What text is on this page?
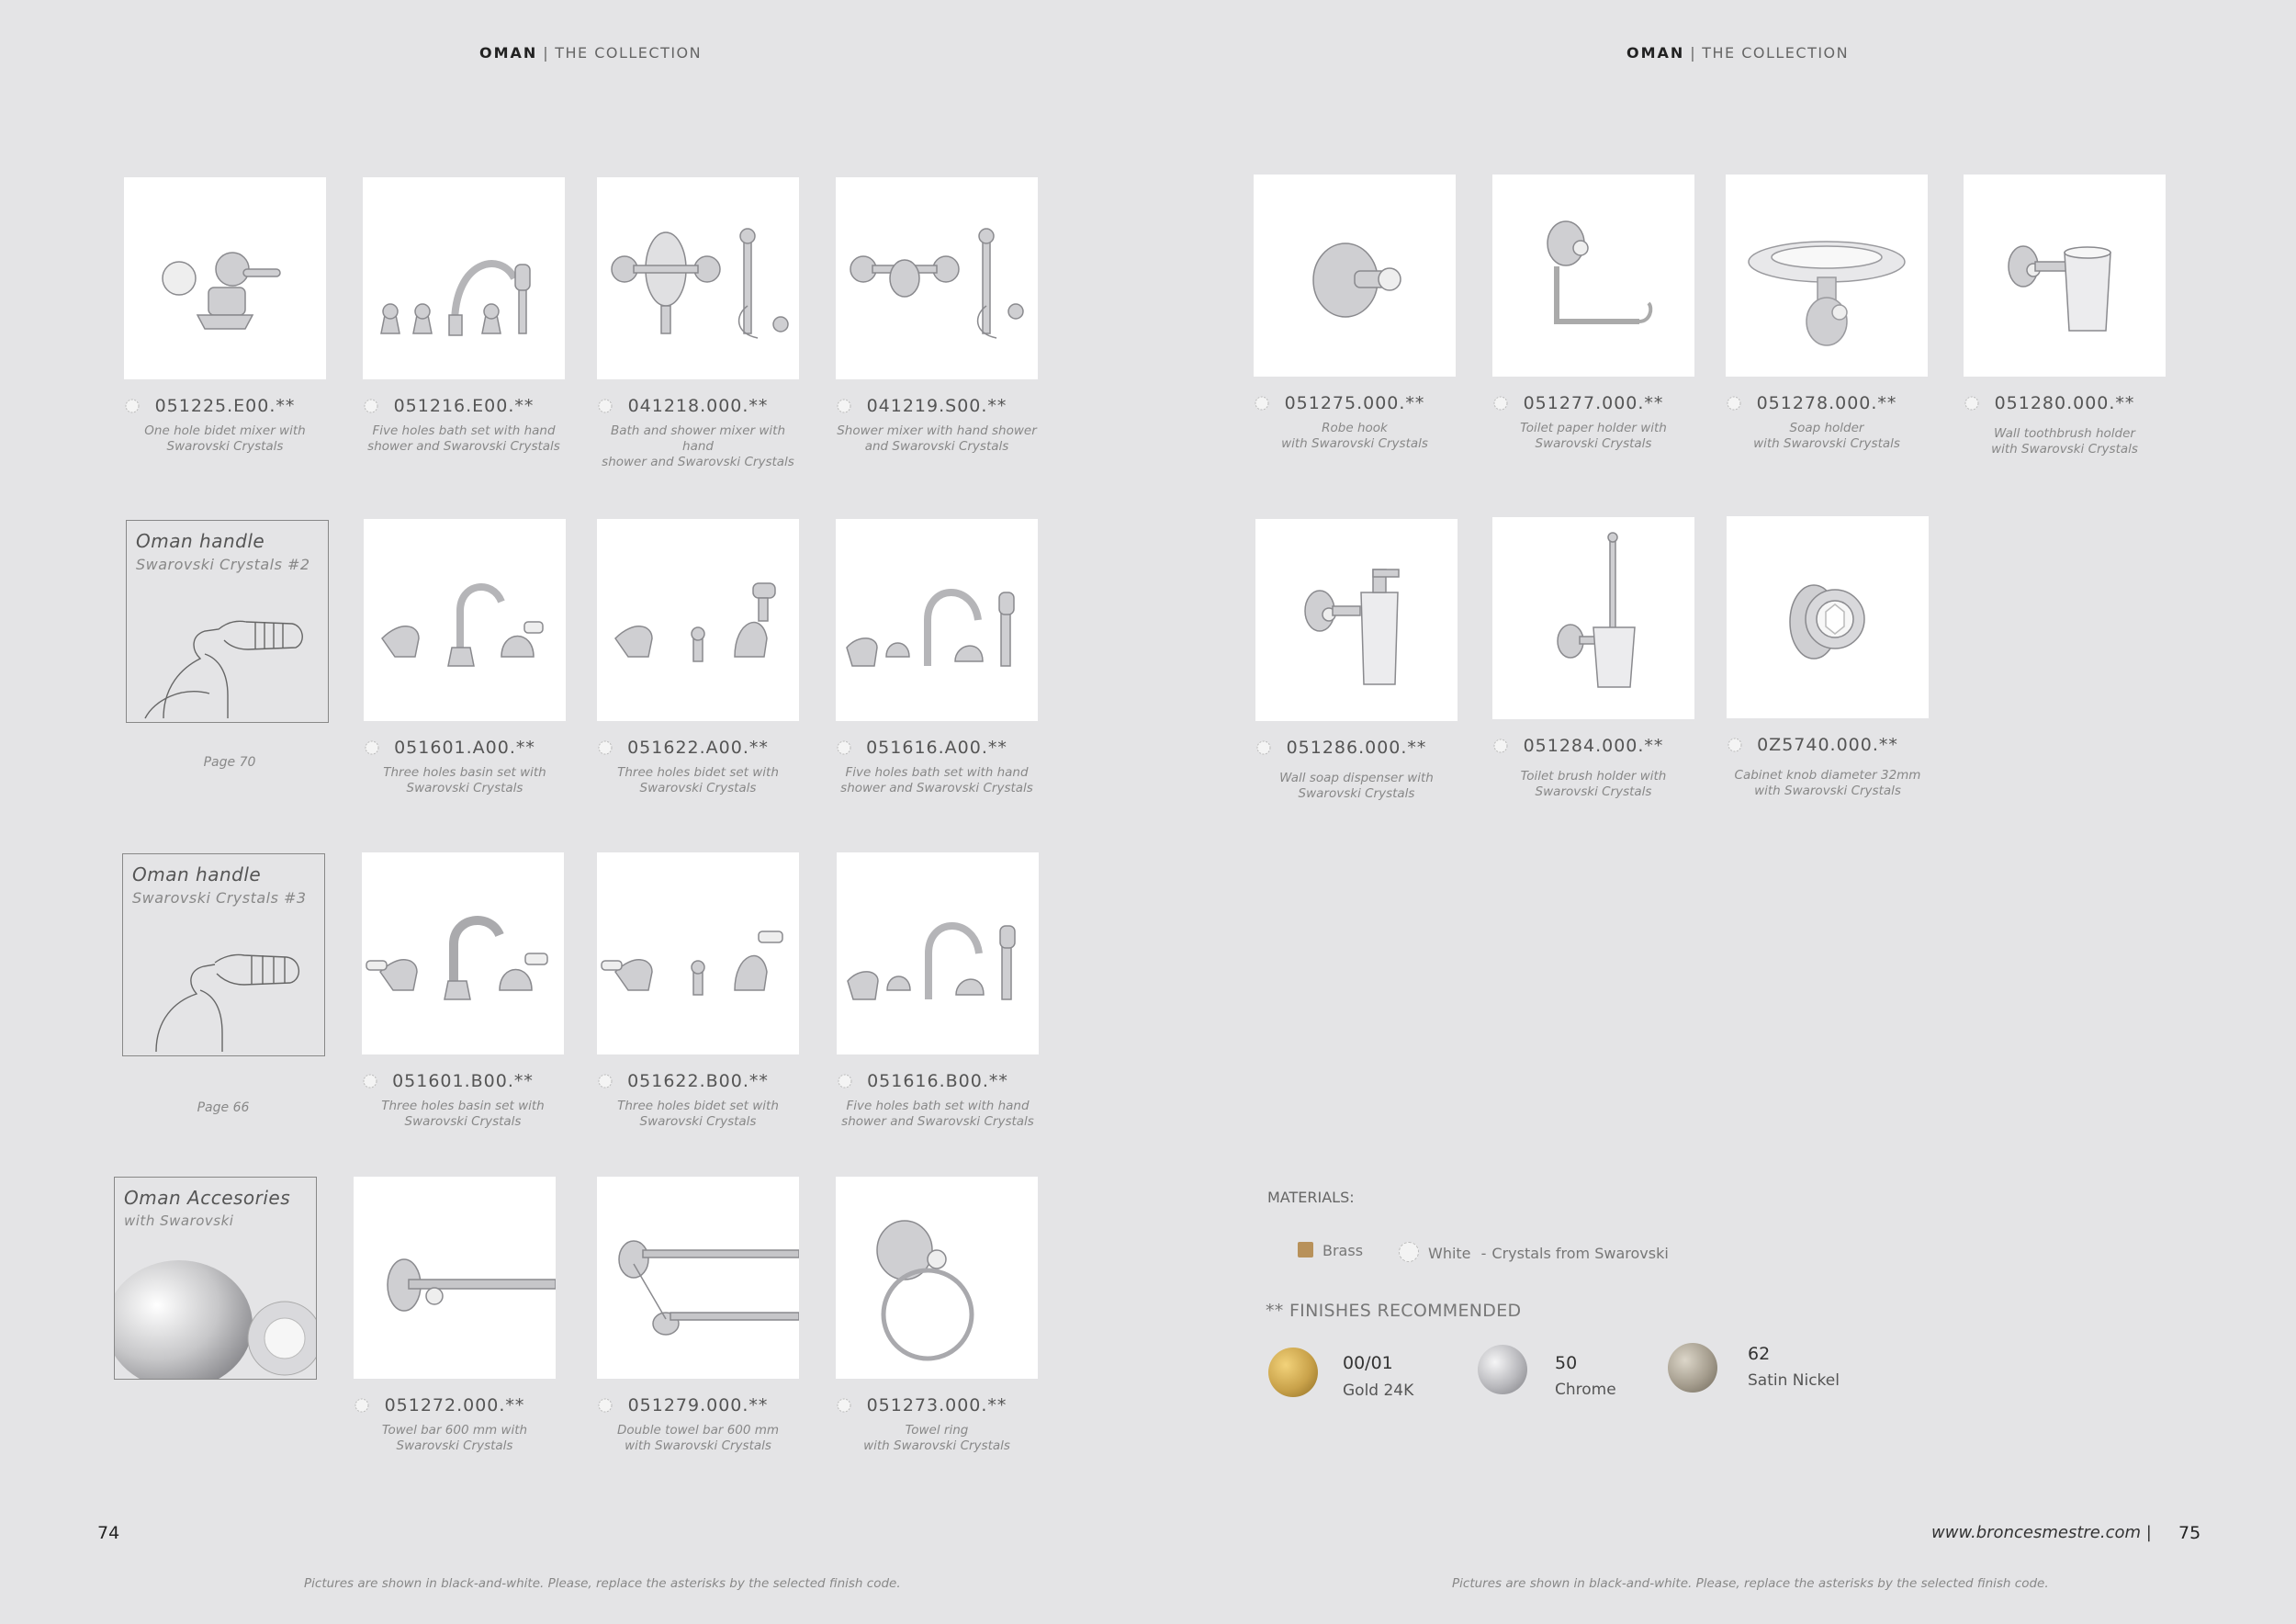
OMAN | THE COLLECTION	OMAN | THE COLLECTION
Oman handle
Swarovski Crystals #2
Page 70
Oman handle
Swarovski Crystals #3
Page 66
Oman Accesories
with Swarovski
051225.E00.**
One hole bidet mixer with
Swarovski Crystals
051216.E00.**
Five holes bath set with hand
shower and Swarovski Crystals
041218.000.**
Bath and shower mixer with hand
shower and Swarovski Crystals
041219.S00.**
Shower mixer with hand shower
and Swarovski Crystals
051601.A00.**
Three holes basin set with
Swarovski Crystals
051622.A00.**
Three holes bidet set with
Swarovski Crystals
051616.A00.**
Five holes bath set with hand
shower and Swarovski Crystals
051601.B00.**
Three holes basin set with
Swarovski Crystals
051622.B00.**
Three holes bidet set with
Swarovski Crystals
051616.B00.**
Five holes bath set with hand
shower and Swarovski Crystals
051272.000.**
Towel bar 600 mm with
Swarovski Crystals
051279.000.**
Double towel bar 600 mm
with Swarovski Crystals
051273.000.**
Towel ring
with Swarovski Crystals
051275.000.**
Robe hook
with Swarovski Crystals
051277.000.**
Toilet paper holder with
Swarovski Crystals
051278.000.**
Soap holder
with Swarovski Crystals
051280.000.**
Wall toothbrush holder
with Swarovski Crystals
051286.000.**
Wall soap dispenser with
Swarovski Crystals
051284.000.**
Toilet brush holder with
Swarovski Crystals
0Z5740.000.**
Cabinet knob diameter 32mm
with Swarovski Crystals
MATERIALS:
Brass	White - Crystals from Swarovski
** FINISHES RECOMMENDED
00/01
Gold 24K
50
Chrome
62
Satin Nickel
74	www.broncesmestre.com | 75
Pictures are shown in black-and-white. Please, replace the asterisks by the selected finish code.	Pictures are shown in black-and-white. Please, replace the asterisks by the selected finish code.
